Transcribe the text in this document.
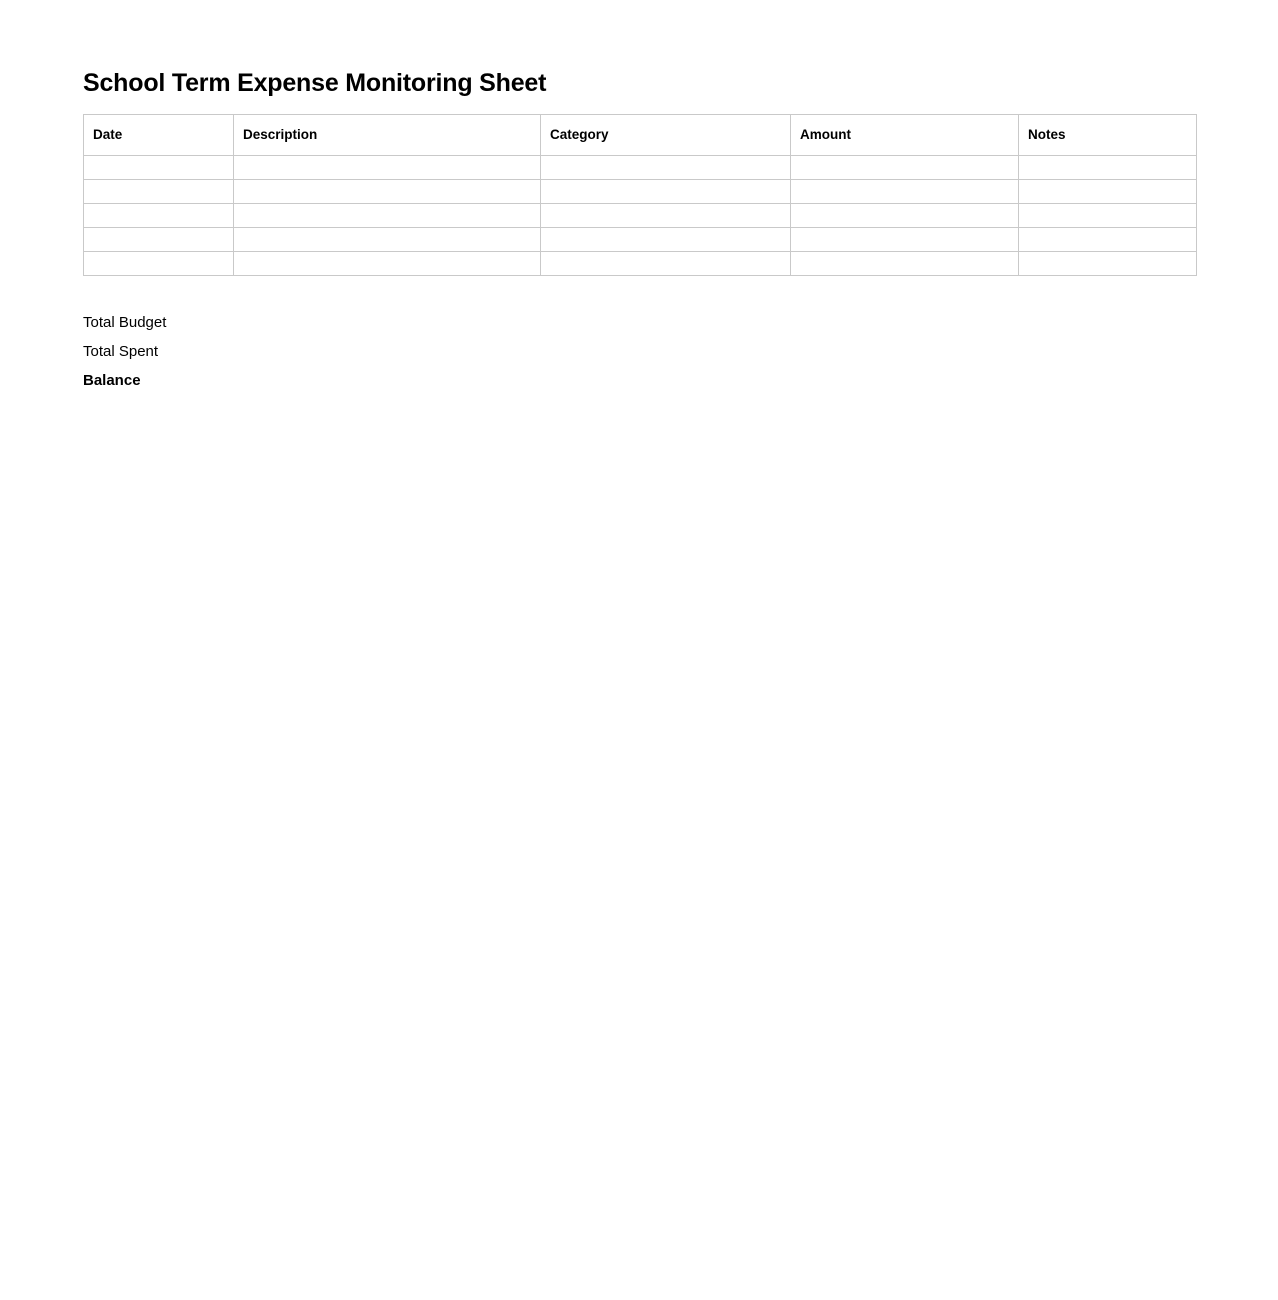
School Term Expense Monitoring Sheet
Date	Description	Category	Amount	Notes

Total Budget
Total Spent
Balance
